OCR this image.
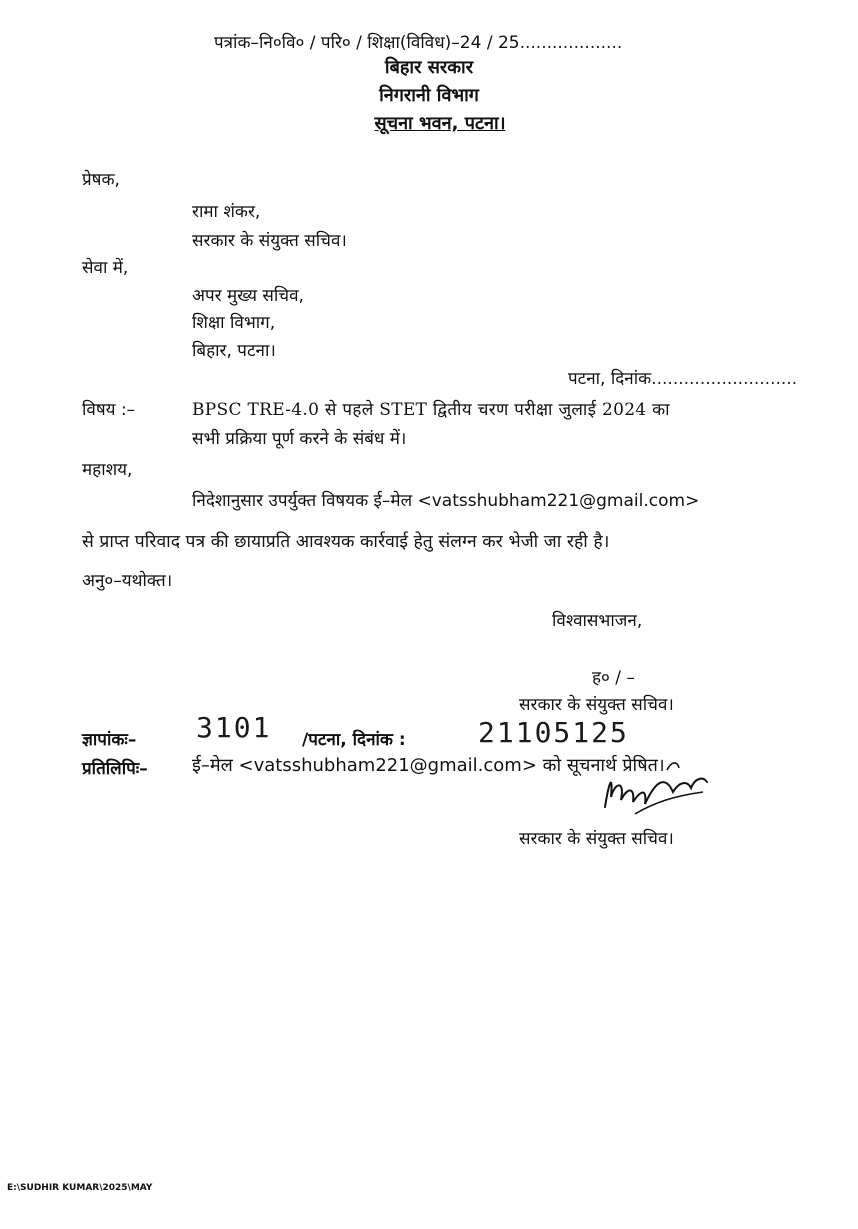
पत्रांक–नि०वि० / परि० / शिक्षा(विविध)–24 / 25...................
बिहार सरकार
निगरानी विभाग
सूचना भवन, पटना।
प्रेषक,
रामा शंकर,
सरकार के संयुक्त सचिव।
सेवा में,
अपर मुख्य सचिव,
शिक्षा विभाग,
बिहार, पटना।
पटना, दिनांक...........................
विषय :–	BPSC TRE-4.0 से पहले STET द्वितीय चरण परीक्षा जुलाई 2024 का
सभी प्रक्रिया पूर्ण करने के संबंध में।
महाशय,
निदेशानुसार उपर्युक्त विषयक ई–मेल <vatsshubham221@gmail.com>
से प्राप्त परिवाद पत्र की छायाप्रति आवश्यक कार्रवाई हेतु संलग्न कर भेजी जा रही है।
अनु०–यथोक्त।
विश्वासभाजन,
ह० / –
सरकार के संयुक्त सचिव।
ज्ञापांकः– 3101 /पटना, दिनांक :	21105125
प्रतिलिपिः– ई–मेल <vatsshubham221@gmail.com> को सूचनार्थ प्रेषित।
सरकार के संयुक्त सचिव।
E:\SUDHIR KUMAR\2025\MAY
